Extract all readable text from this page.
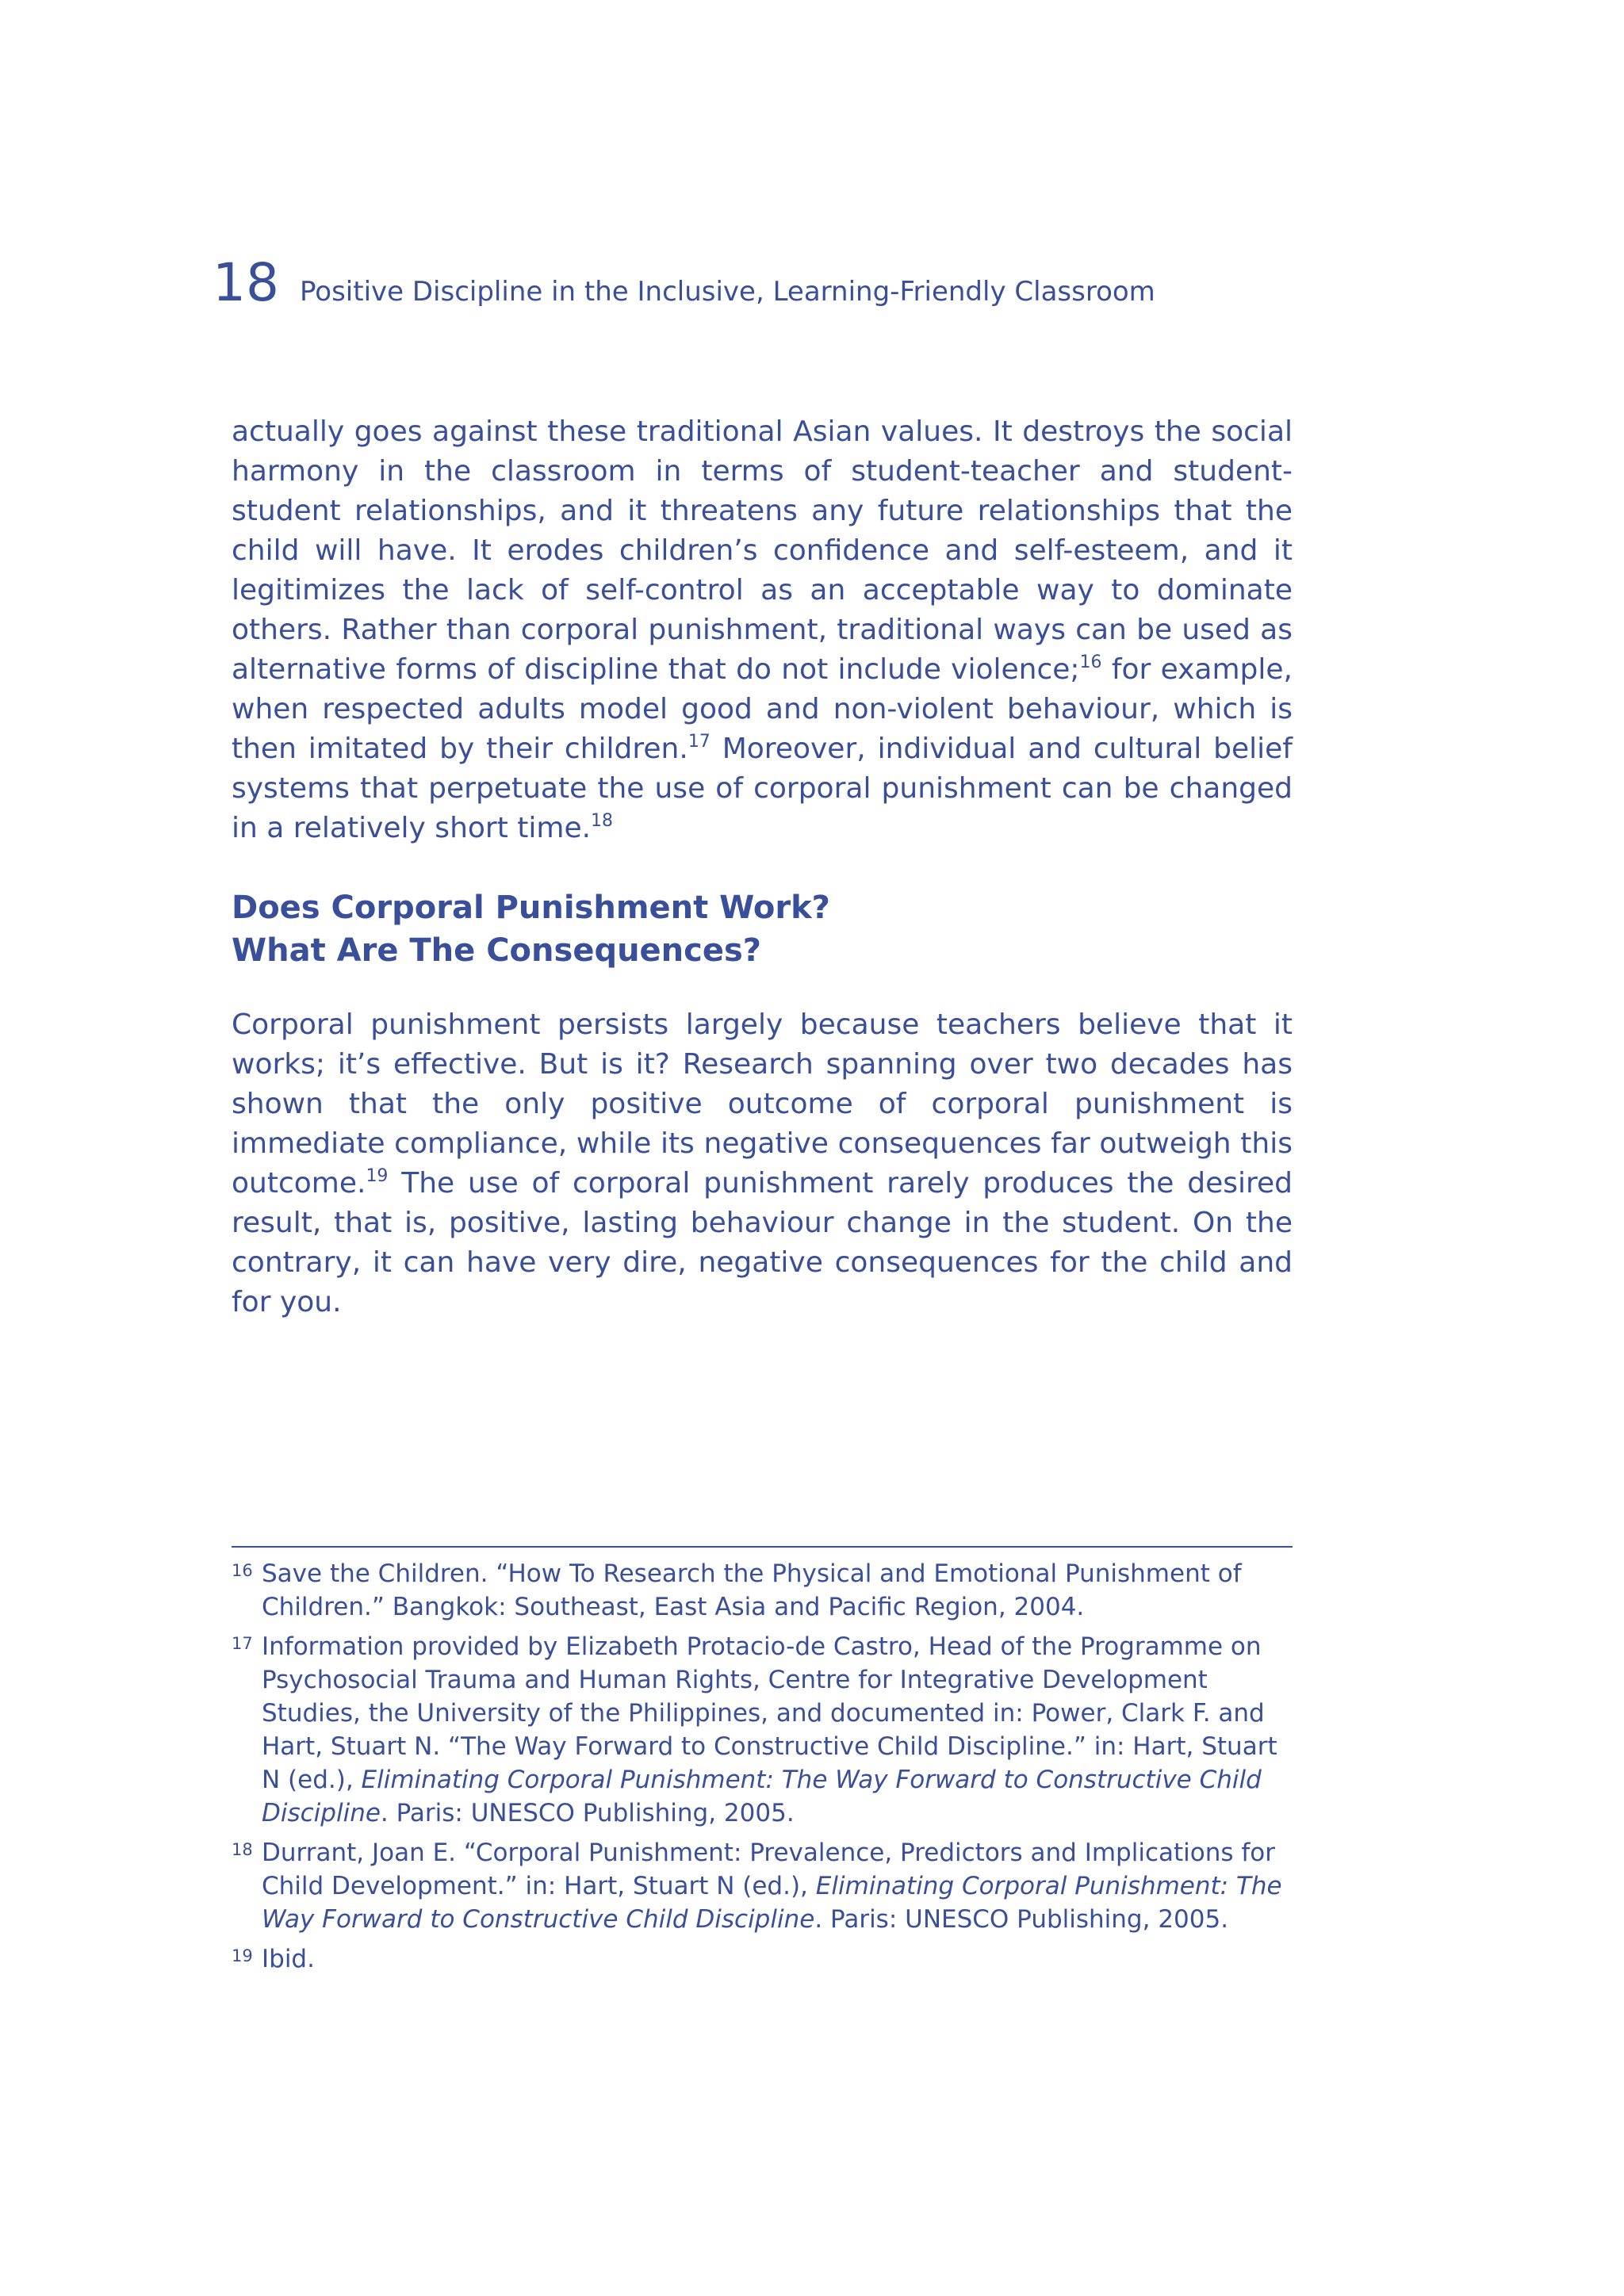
18 Positive Discipline in the Inclusive, Learning-Friendly Classroom

actually goes against these traditional Asian values. It destroys the social harmony in the classroom in terms of student-teacher and student-student relationships, and it threatens any future relationships that the child will have. It erodes children’s confidence and self-esteem, and it legitimizes the lack of self-control as an acceptable way to dominate others. Rather than corporal punishment, traditional ways can be used as alternative forms of discipline that do not include violence;$^{16}$ for example, when respected adults model good and non-violent behaviour, which is then imitated by their children.$^{17}$ Moreover, individual and cultural belief systems that perpetuate the use of corporal punishment can be changed in a relatively short time.$^{18}$

Does Corporal Punishment Work?
What Are The Consequences?

Corporal punishment persists largely because teachers believe that it works; it’s effective. But is it? Research spanning over two decades has shown that the only positive outcome of corporal punishment is immediate compliance, while its negative consequences far outweigh this outcome.$^{19}$ The use of corporal punishment rarely produces the desired result, that is, positive, lasting behaviour change in the student. On the contrary, it can have very dire, negative consequences for the child and for you.

16 Save the Children. “How To Research the Physical and Emotional Punishment of Children.” Bangkok: Southeast, East Asia and Pacific Region, 2004.
17 Information provided by Elizabeth Protacio-de Castro, Head of the Programme on Psychosocial Trauma and Human Rights, Centre for Integrative Development Studies, the University of the Philippines, and documented in: Power, Clark F. and Hart, Stuart N. “The Way Forward to Constructive Child Discipline.” in: Hart, Stuart N (ed.), Eliminating Corporal Punishment: The Way Forward to Constructive Child Discipline. Paris: UNESCO Publishing, 2005.
18 Durrant, Joan E. “Corporal Punishment: Prevalence, Predictors and Implications for Child Development.” in: Hart, Stuart N (ed.), Eliminating Corporal Punishment: The Way Forward to Constructive Child Discipline. Paris: UNESCO Publishing, 2005.
19 Ibid.
